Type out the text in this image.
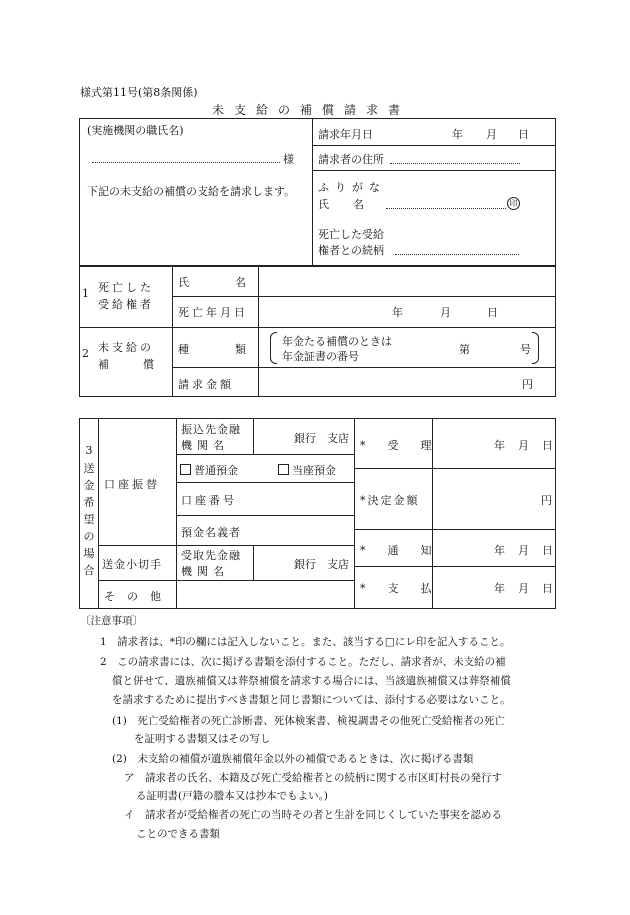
様式第11号(第8条関係)
未支給の補償請求書
(実施機関の職氏名)
様
下記の未支給の補償の支給を請求します。
請求年月日	年 月 日
請求者の住所
ふりがな
氏名	印
死亡した受給
権者との続柄
1 死亡した
受給権者
氏名
死亡年月日	年	月	日
2 未支給の
補償
種類
年金たる補償のときは
年金証書の番号
第	号
請求金額	円
3
送
金
希
望
の
場
合
口座振替
振込先金融
機関名
銀行 支店
普通預金	当座預金
口座番号
預金名義者
送金小切手
受取先金融
機関名
銀行 支店
その他
*受理	年 月 日
*決定金額	円
*通知	年 月 日
*支払	年 月 日
〔注意事項〕
1　請求者は、*印の欄には記入しないこと。また、該当する□にレ印を記入すること。
2　この請求書には、次に掲げる書類を添付すること。ただし、請求者が、未支給の補
償と併せて、遺族補償又は葬祭補償を請求する場合には、当該遺族補償又は葬祭補償
を請求するために提出すべき書類と同じ書類については、添付する必要はないこと。
(1)　死亡受給権者の死亡診断書、死体検案書、検視調書その他死亡受給権者の死亡
を証明する書類又はその写し
(2)　未支給の補償が遺族補償年金以外の補償であるときは、次に掲げる書類
ア　請求者の氏名、本籍及び死亡受給権者との続柄に関する市区町村長の発行す
る証明書(戸籍の謄本又は抄本でもよい。)
イ　請求者が受給権者の死亡の当時その者と生計を同じくしていた事実を認める
ことのできる書類
